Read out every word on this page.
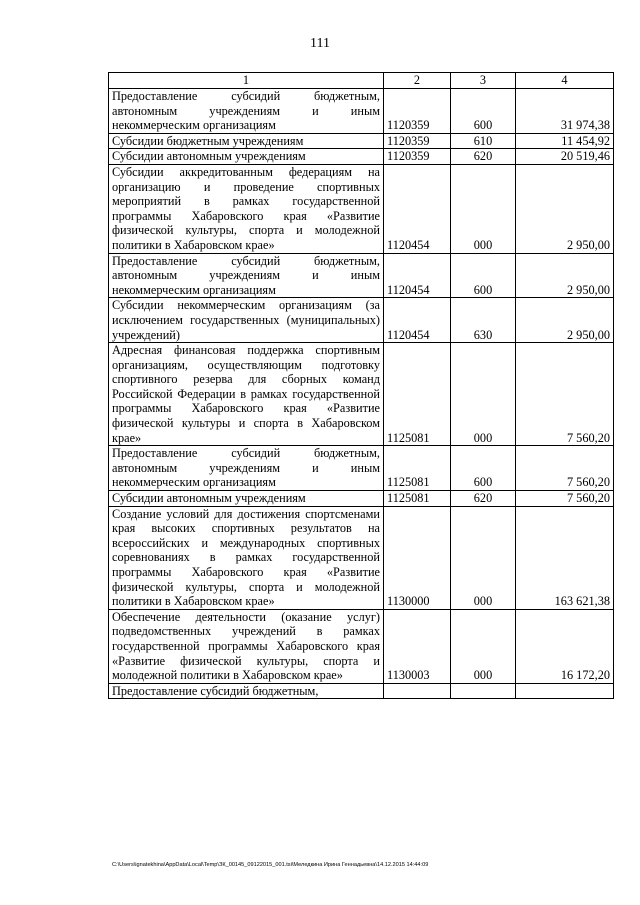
111
1	2	3	4
Предоставление субсидий бюджетным, автономным учреждениям и иным некоммерческим организациям	1120359	600	31 974,38
Субсидии бюджетным учреждениям	1120359	610	11 454,92
Субсидии автономным учреждениям	1120359	620	20 519,46
Субсидии аккредитованным федерациям на организацию и проведение спортивных мероприятий в рамках государственной программы Хабаровского края «Развитие физической культуры, спорта и молодежной политики в Хабаровском крае»	1120454	000	2 950,00
Предоставление субсидий бюджетным, автономным учреждениям и иным некоммерческим организациям	1120454	600	2 950,00
Субсидии некоммерческим организациям (за исключением государственных (муниципальных) учреждений)	1120454	630	2 950,00
Адресная финансовая поддержка спортивным организациям, осуществляющим подготовку спортивного резерва для сборных команд Российской Федерации в рамках государственной программы Хабаровского края «Развитие физической культуры и спорта в Хабаровском крае»	1125081	000	7 560,20
Предоставление субсидий бюджетным, автономным учреждениям и иным некоммерческим организациям	1125081	600	7 560,20
Субсидии автономным учреждениям	1125081	620	7 560,20
Создание условий для достижения спортсменами края высоких спортивных результатов на всероссийских и международных спортивных соревнованиях в рамках государственной программы Хабаровского края «Развитие физической культуры, спорта и молодежной политики в Хабаровском крае»	1130000	000	163 621,38
Обеспечение деятельности (оказание услуг) подведомственных учреждений в рамках государственной программы Хабаровского края «Развитие физической культуры, спорта и молодежной политики в Хабаровском крае»	1130003	000	16 172,20
Предоставление субсидий бюджетным,			
C:\Users\ignatekhina\AppData\Local\Temp\ЗК_00145_09122015_001.tsi\Меледкина Ирина Геннадьевна\14.12.2015 14:44:09
